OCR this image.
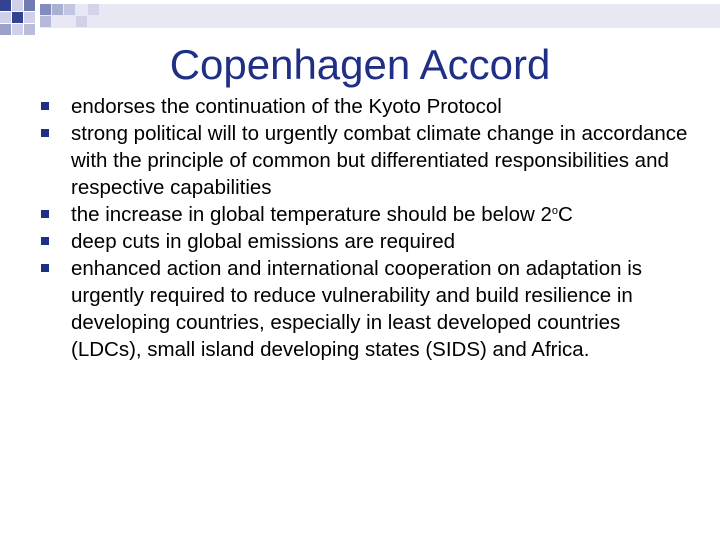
Copenhagen Accord
endorses the continuation of the Kyoto Protocol
strong political will to urgently combat climate change in accordance with the principle of common but differentiated responsibilities and respective capabilities
the increase in global temperature should be below 2$^o$C
deep cuts in global emissions are required
enhanced action and international cooperation on adaptation is urgently required to reduce vulnerability and build resilience in developing countries, especially in least developed countries (LDCs), small island developing states (SIDS) and Africa.
